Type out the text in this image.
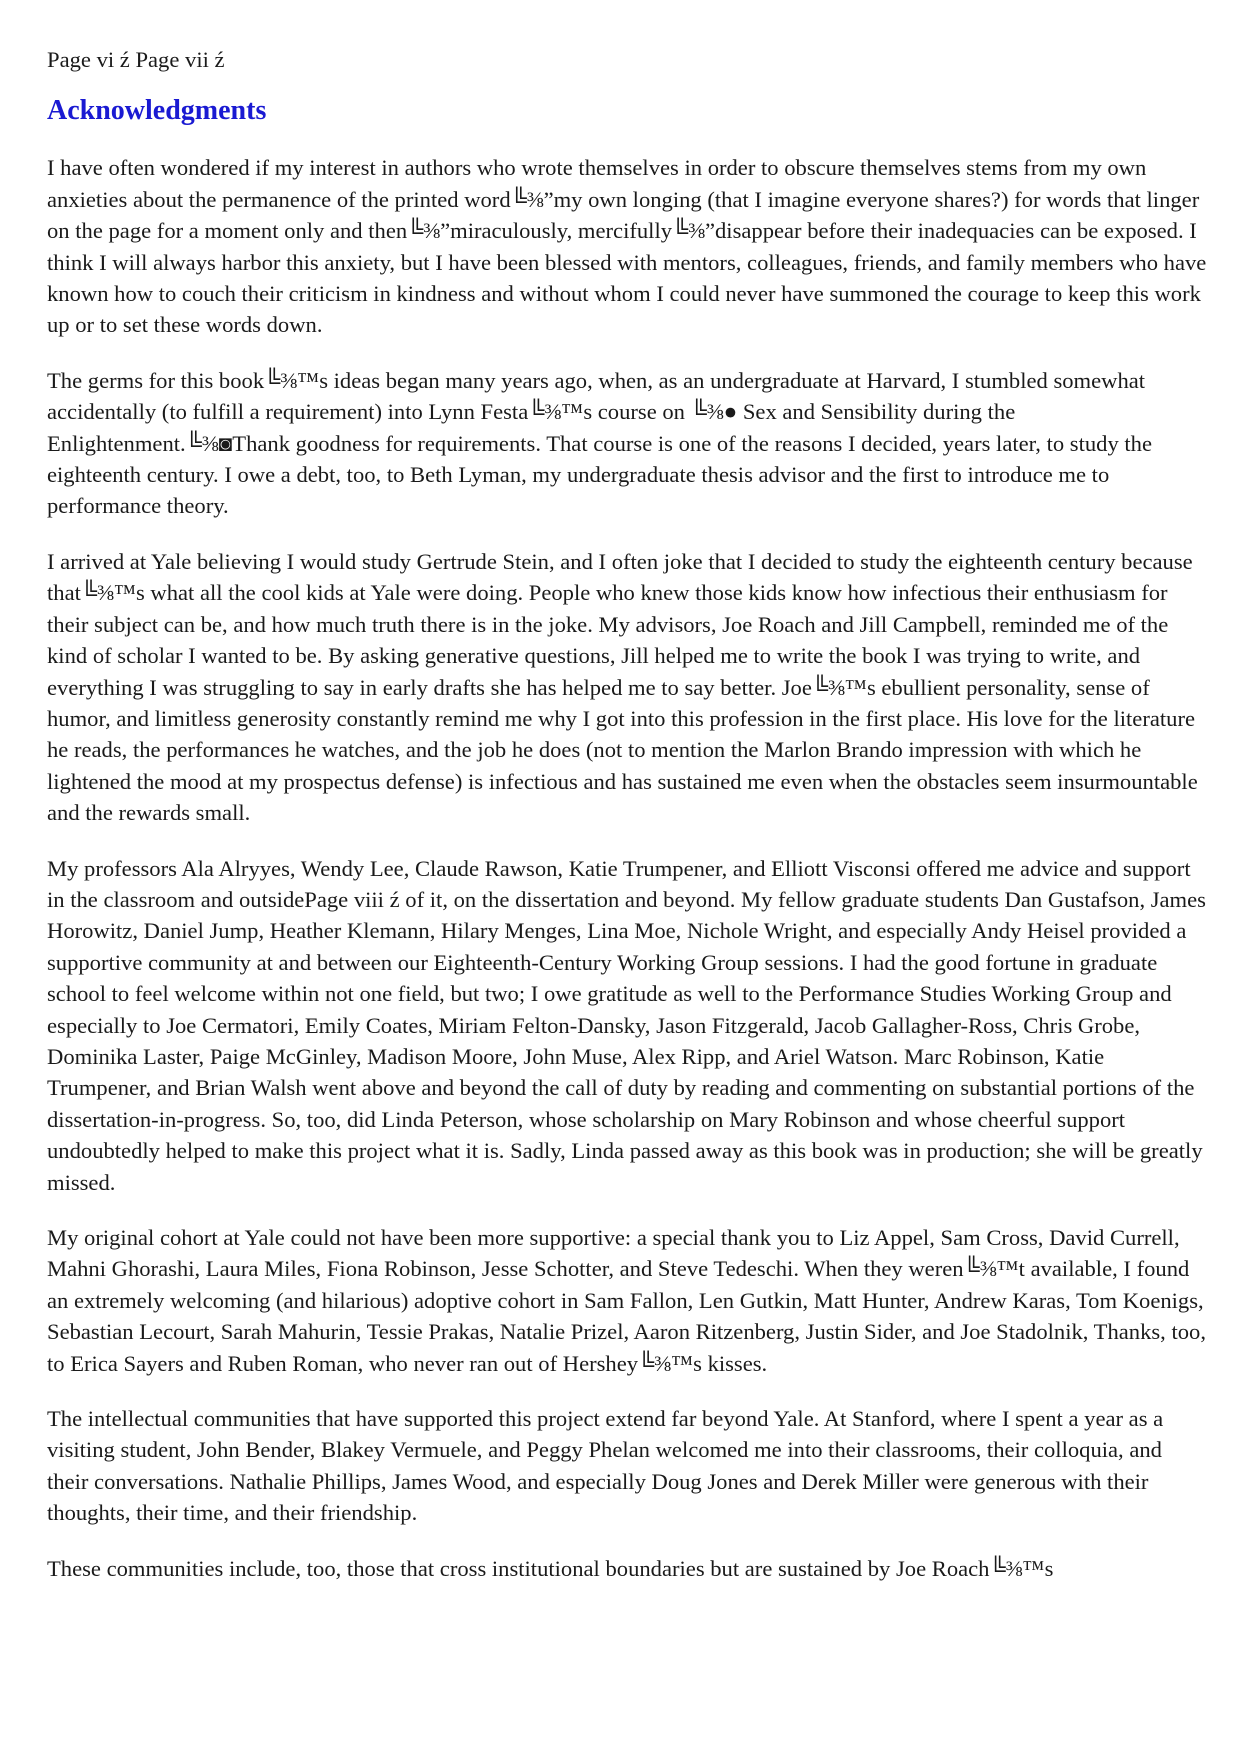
Page vi ź Page vii ź
Acknowledgments

I have often wondered if my interest in authors who wrote themselves in order to obscure themselves stems from my own anxieties about the permanence of the printed word╚⅜”my own longing (that I imagine everyone shares?) for words that linger on the page for a moment only and then╚⅜”miraculously, mercifully╚⅜”disappear before their inadequacies can be exposed. I think I will always harbor this anxiety, but I have been blessed with mentors, colleagues, friends, and family members who have known how to couch their criticism in kindness and without whom I could never have summoned the courage to keep this work up or to set these words down.

The germs for this book╚⅜™s ideas began many years ago, when, as an undergraduate at Harvard, I stumbled somewhat accidentally (to fulfill a requirement) into Lynn Festa╚⅜™s course on ╚⅜● Sex and Sensibility during the Enlightenment.╚⅜◙Thank goodness for requirements. That course is one of the reasons I decided, years later, to study the eighteenth century. I owe a debt, too, to Beth Lyman, my undergraduate thesis advisor and the first to introduce me to performance theory.

I arrived at Yale believing I would study Gertrude Stein, and I often joke that I decided to study the eighteenth century because that╚⅜™s what all the cool kids at Yale were doing. People who knew those kids know how infectious their enthusiasm for their subject can be, and how much truth there is in the joke. My advisors, Joe Roach and Jill Campbell, reminded me of the kind of scholar I wanted to be. By asking generative questions, Jill helped me to write the book I was trying to write, and everything I was struggling to say in early drafts she has helped me to say better. Joe╚⅜™s ebullient personality, sense of humor, and limitless generosity constantly remind me why I got into this profession in the first place. His love for the literature he reads, the performances he watches, and the job he does (not to mention the Marlon Brando impression with which he lightened the mood at my prospectus defense) is infectious and has sustained me even when the obstacles seem insurmountable and the rewards small.

My professors Ala Alryyes, Wendy Lee, Claude Rawson, Katie Trumpener, and Elliott Visconsi offered me advice and support in the classroom and outsidePage viii ź of it, on the dissertation and beyond. My fellow graduate students Dan Gustafson, James Horowitz, Daniel Jump, Heather Klemann, Hilary Menges, Lina Moe, Nichole Wright, and especially Andy Heisel provided a supportive community at and between our Eighteenth-Century Working Group sessions. I had the good fortune in graduate school to feel welcome within not one field, but two; I owe gratitude as well to the Performance Studies Working Group and especially to Joe Cermatori, Emily Coates, Miriam Felton-Dansky, Jason Fitzgerald, Jacob Gallagher-Ross, Chris Grobe, Dominika Laster, Paige McGinley, Madison Moore, John Muse, Alex Ripp, and Ariel Watson. Marc Robinson, Katie Trumpener, and Brian Walsh went above and beyond the call of duty by reading and commenting on substantial portions of the dissertation-in-progress. So, too, did Linda Peterson, whose scholarship on Mary Robinson and whose cheerful support undoubtedly helped to make this project what it is. Sadly, Linda passed away as this book was in production; she will be greatly missed.

My original cohort at Yale could not have been more supportive: a special thank you to Liz Appel, Sam Cross, David Currell, Mahni Ghorashi, Laura Miles, Fiona Robinson, Jesse Schotter, and Steve Tedeschi. When they weren╚⅜™t available, I found an extremely welcoming (and hilarious) adoptive cohort in Sam Fallon, Len Gutkin, Matt Hunter, Andrew Karas, Tom Koenigs, Sebastian Lecourt, Sarah Mahurin, Tessie Prakas, Natalie Prizel, Aaron Ritzenberg, Justin Sider, and Joe Stadolnik, Thanks, too, to Erica Sayers and Ruben Roman, who never ran out of Hershey╚⅜™s kisses.

The intellectual communities that have supported this project extend far beyond Yale. At Stanford, where I spent a year as a visiting student, John Bender, Blakey Vermuele, and Peggy Phelan welcomed me into their classrooms, their colloquia, and their conversations. Nathalie Phillips, James Wood, and especially Doug Jones and Derek Miller were generous with their thoughts, their time, and their friendship.

These communities include, too, those that cross institutional boundaries but are sustained by Joe Roach╚⅜™s
